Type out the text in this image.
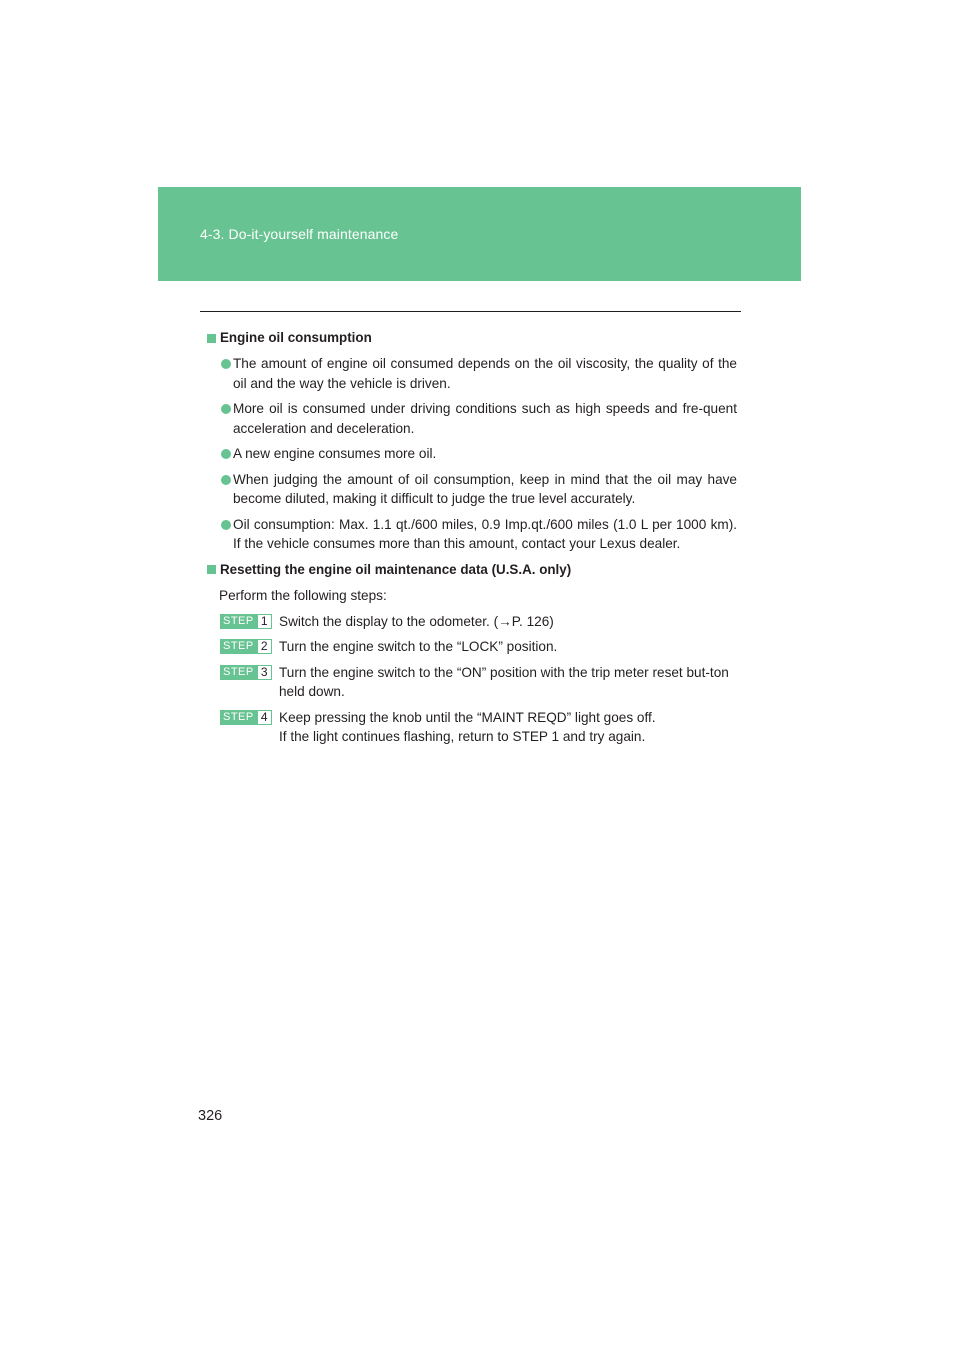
4-3. Do-it-yourself maintenance
Engine oil consumption
The amount of engine oil consumed depends on the oil viscosity, the quality of the oil and the way the vehicle is driven.
More oil is consumed under driving conditions such as high speeds and fre-quent acceleration and deceleration.
A new engine consumes more oil.
When judging the amount of oil consumption, keep in mind that the oil may have become diluted, making it difficult to judge the true level accurately.
Oil consumption: Max. 1.1 qt./600 miles, 0.9 Imp.qt./600 miles (1.0 L per 1000 km). If the vehicle consumes more than this amount, contact your Lexus dealer.
Resetting the engine oil maintenance data (U.S.A. only)
Perform the following steps:
STEP 1 Switch the display to the odometer. (→P. 126)
STEP 2 Turn the engine switch to the “LOCK” position.
STEP 3 Turn the engine switch to the “ON” position with the trip meter reset but-ton held down.
STEP 4 Keep pressing the knob until the “MAINT REQD” light goes off.
If the light continues flashing, return to STEP 1 and try again.
326
